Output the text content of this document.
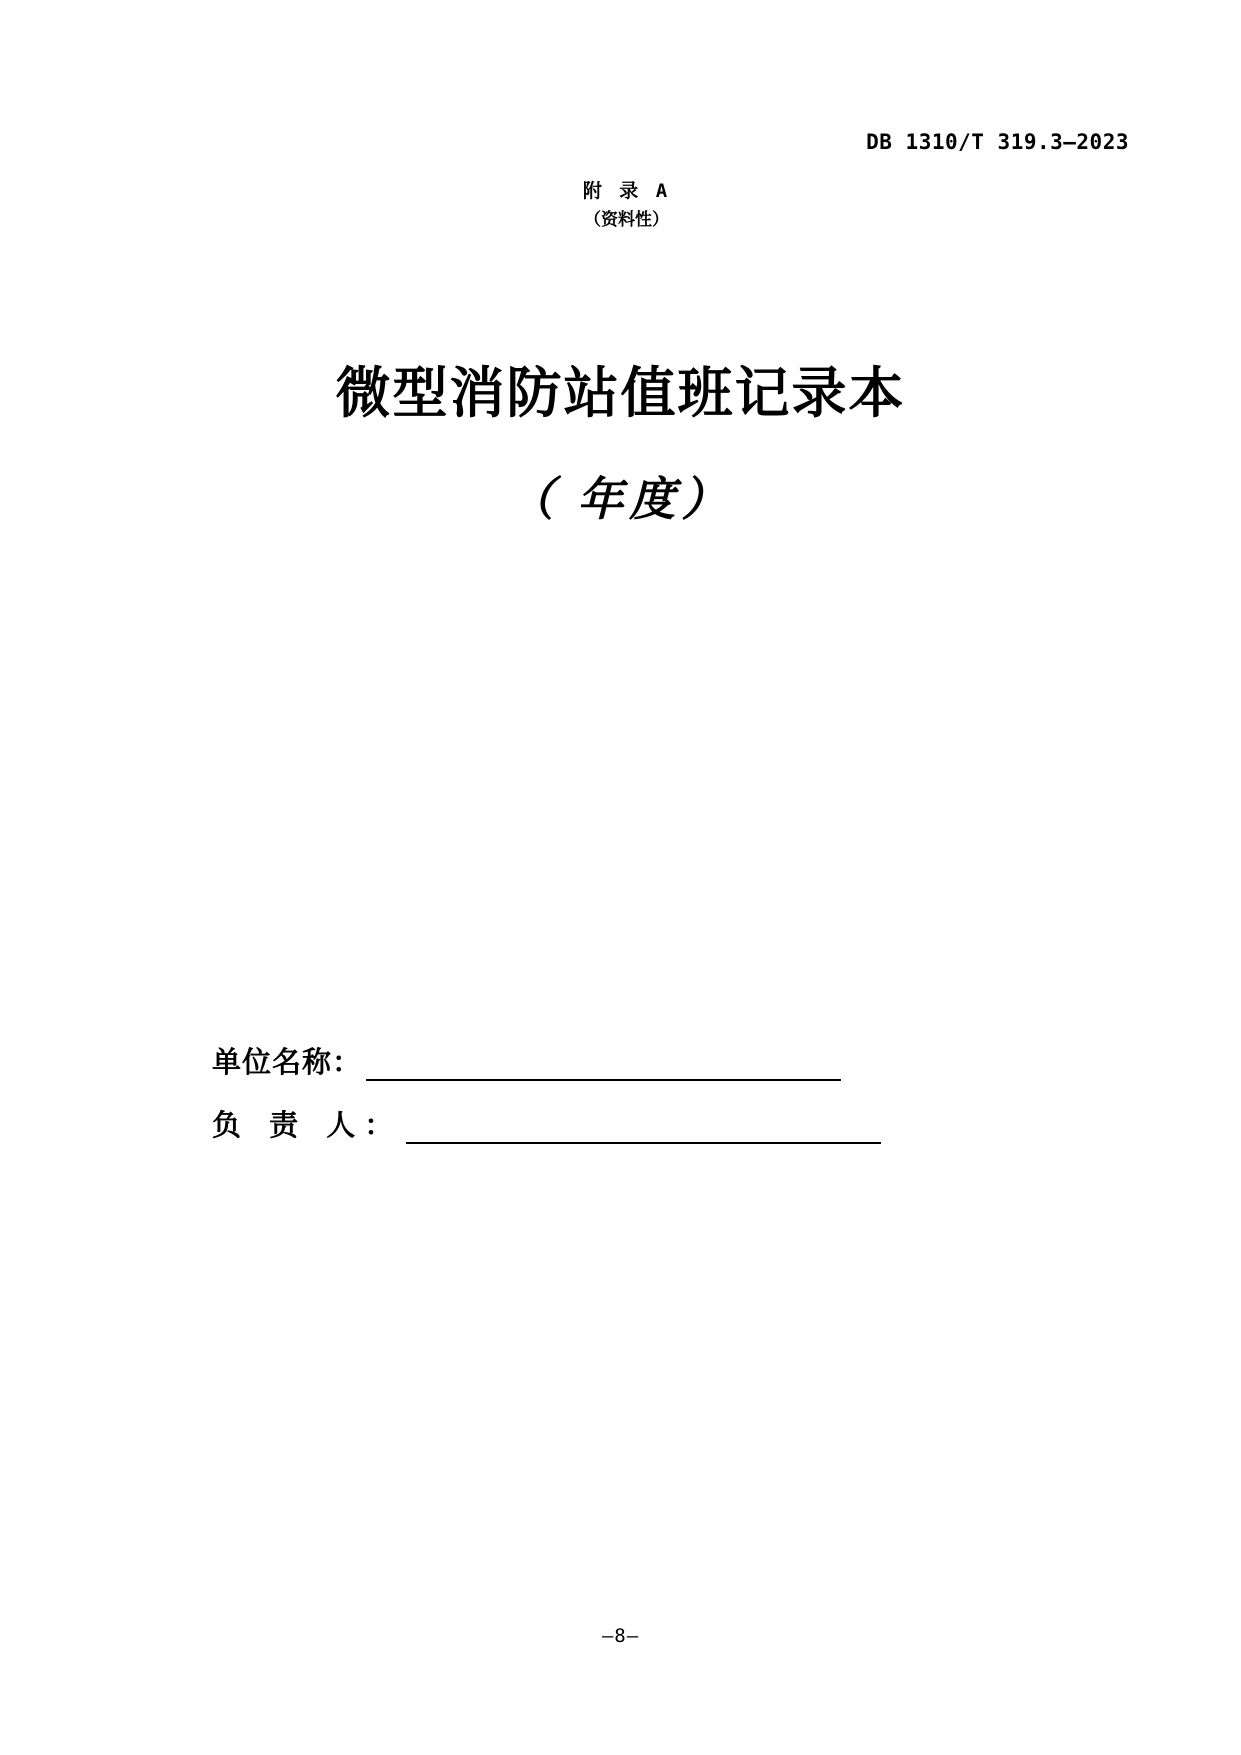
DB 1310/T 319.3—2023
附 录 A
（资料性）
微型消防站值班记录本
（ 年度）
单位名称：
负 责 人：
—8—
